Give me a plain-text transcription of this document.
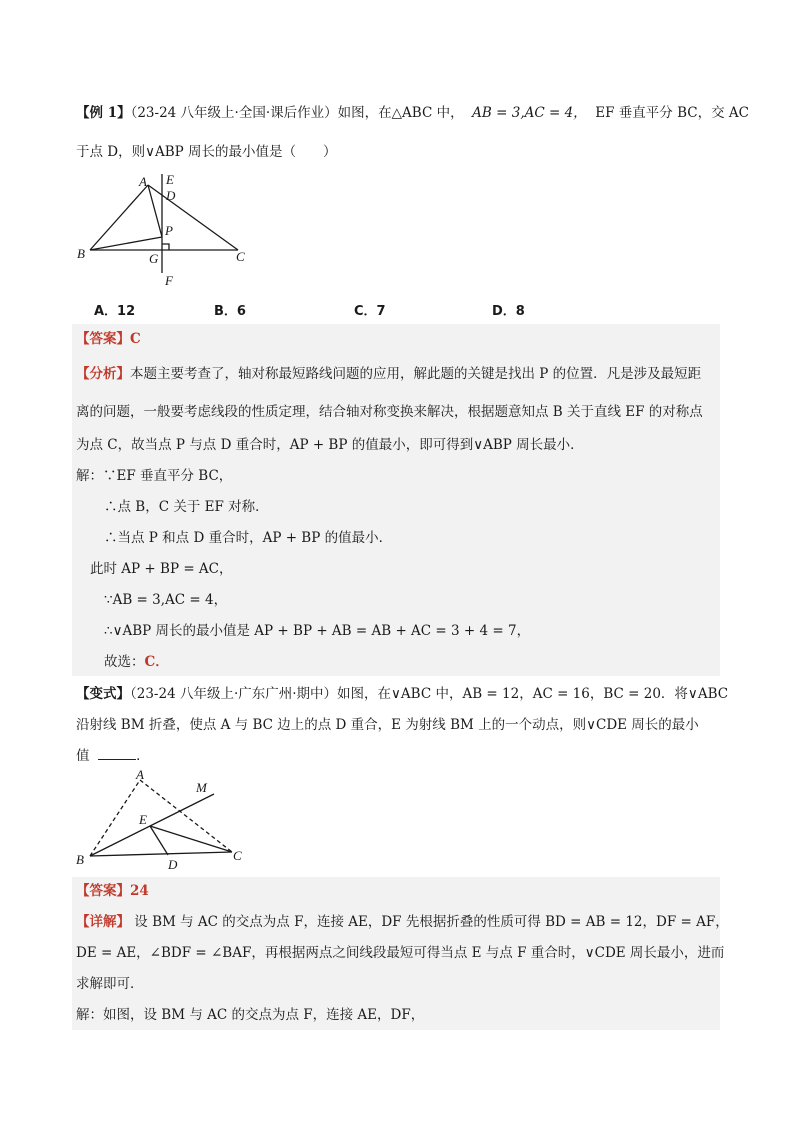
【例 1】（23-24 八年级上·全国·课后作业）如图，在△ABC 中， AB = 3,AC = 4， EF 垂直平分 BC，交 AC
于点 D，则∨ABP 周长的最小值是（　　）
A E
D
P
B	G	C
F
A．12	B．6	C．7	D．8
【答案】C
【分析】本题主要考查了，轴对称最短路线问题的应用，解此题的关键是找出 P 的位置．凡是涉及最短距
离的问题，一般要考虑线段的性质定理，结合轴对称变换来解决，根据题意知点 B 关于直线 EF 的对称点
为点 C，故当点 P 与点 D 重合时，AP + BP 的值最小，即可得到∨ABP 周长最小．
解：∵EF 垂直平分 BC，
∴点 B，C 关于 EF 对称．
∴当点 P 和点 D 重合时，AP + BP 的值最小．
此时 AP + BP = AC，
∵AB = 3,AC = 4，
∴∨ABP 周长的最小值是 AP + BP + AB = AB + AC = 3 + 4 = 7，
故选：C．
【变式】（23-24 八年级上·广东广州·期中）如图，在∨ABC 中，AB = 12，AC = 16，BC = 20．将∨ABC
沿射线 BM 折叠，使点 A 与 BC 边上的点 D 重合，E 为射线 BM 上的一个动点，则∨CDE 周长的最小
值	．
A
M
E
B	D
C
【答案】24
【详解】 设 BM 与 AC 的交点为点 F，连接 AE，DF 先根据折叠的性质可得 BD = AB = 12，DF = AF，
DE = AE，∠BDF = ∠BAF，再根据两点之间线段最短可得当点 E 与点 F 重合时，∨CDE 周长最小，进而
求解即可．
解：如图，设 BM 与 AC 的交点为点 F，连接 AE，DF，
